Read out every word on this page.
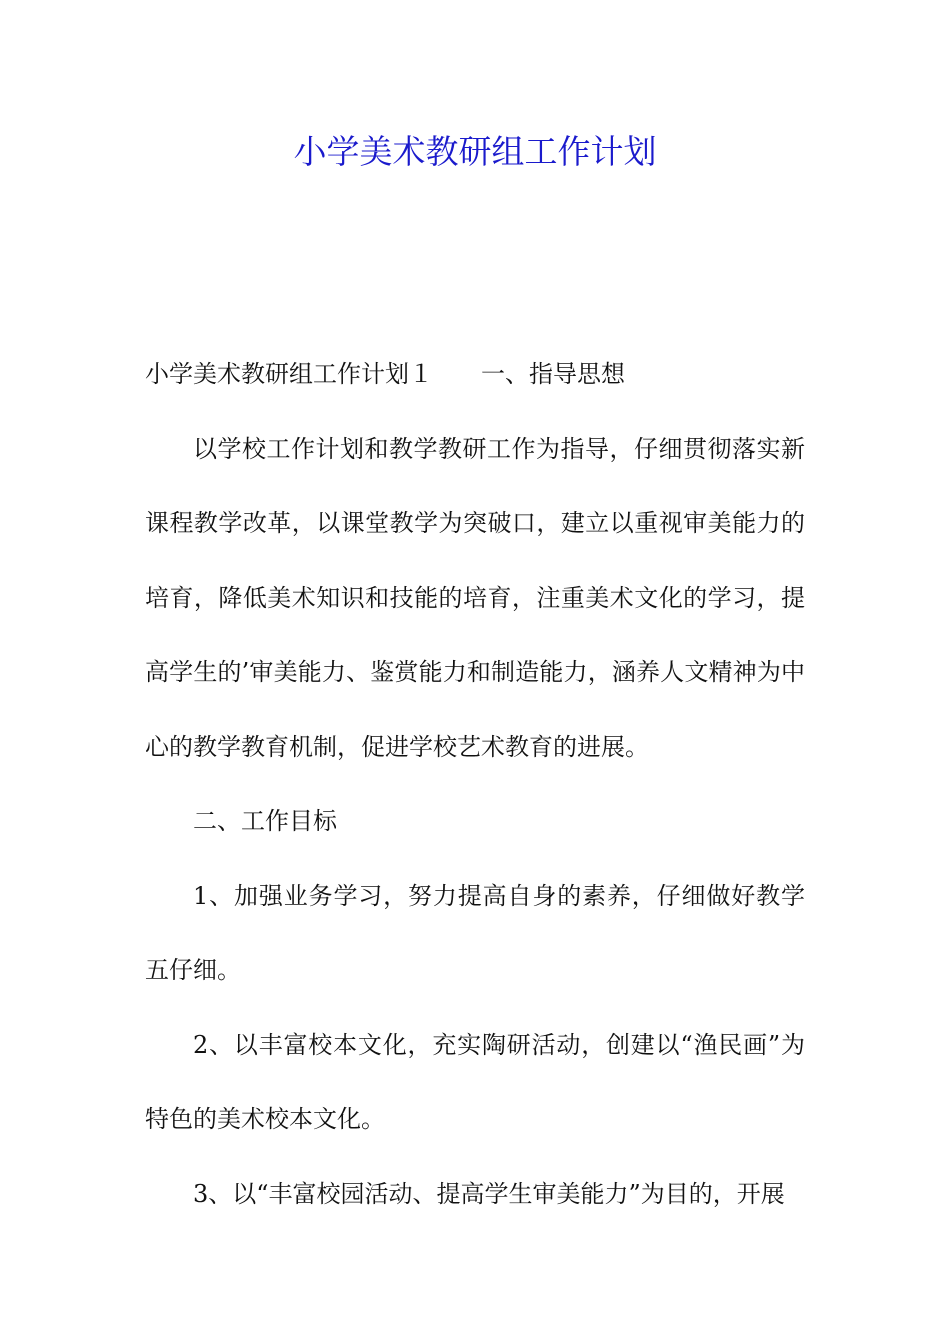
小学美术教研组工作计划

小学美术教研组工作计划１ 一、指导思想

以学校工作计划和教学教研工作为指导，仔细贯彻落实新课程教学改革，以课堂教学为突破口，建立以重视审美能力的培育，降低美术知识和技能的培育，注重美术文化的学习，提高学生的’审美能力、鉴赏能力和制造能力，涵养人文精神为中心的教学教育机制，促进学校艺术教育的进展。

二、工作目标

1、加强业务学习，努力提高自身的素养，仔细做好教学五仔细。

2、以丰富校本文化，充实陶研活动，创建以“渔民画”为特色的美术校本文化。

3、以“丰富校园活动、提高学生审美能力”为目的，开展
